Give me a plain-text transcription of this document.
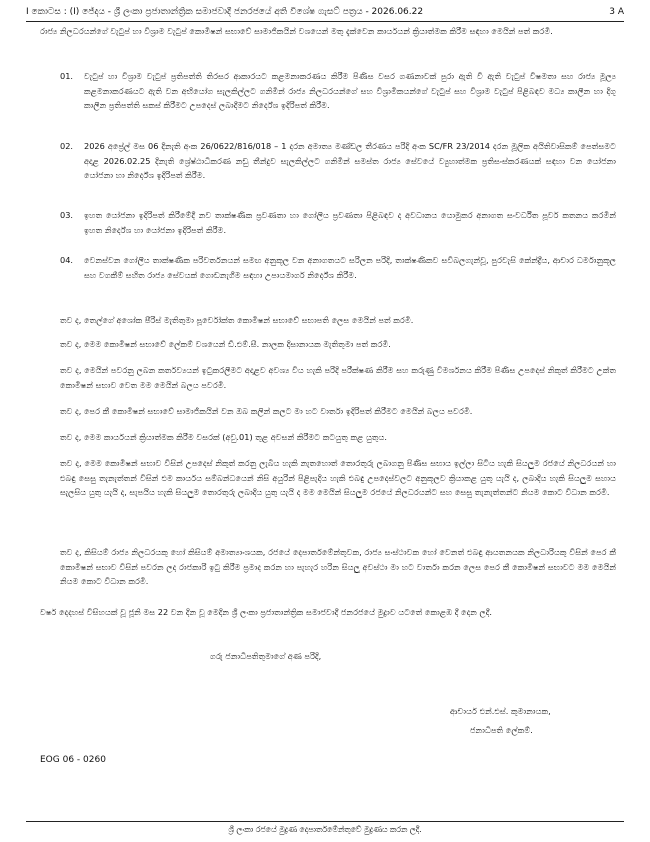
I කොටස : (I) ජේදය - ශ්‍රී ලංකා ප්‍රජාතාන්ත්‍රික සමාජවාදී ජනරජයේ අති විශේෂ ගැසට් පත්‍රය - 2026.06.22	3 A

රාජ්‍ය නිලධරයන්ගේ වැටුප් හා විශ්‍රාම වැටුප් කොමිෂන් සභාවේ සාමාජිකයින් වශයෙන් මතු දැක්වෙන කාර්යයන් ක්‍රියාත්මක කිරීම සඳහා මෙයින් පත් කරමි.

01.	වැටුප් හා විශ්‍රාම වැටුප් ප්‍රතිපත්ති තිරසර ආකාරයට කළමනාකරණය කිරීම පිණිස වසර ගණනාවක් පුරා ඇති වී ඇති වැටුප් විෂමතා සහ රාජ්‍ය මූල්‍ය කළමනාකරණයට ඇති වන අභියෝග සැලකිල්ලට ගනිමින් රාජ්‍ය නිලධරයන්ගේ සහ විශ්‍රාමිකයන්ගේ වැටුප් සහ විශ්‍රාම වැටුප් පිළිබඳව මධ්‍ය කාලීන හා දිගු කාලීන ප්‍රතිපත්ති සකස් කිරීමට උපදෙස් ලබාදීමට නිර්දේශ ඉදිරිපත් කිරීම.
02.	2026 අප්‍රේල් මස 06 දිනැති අංක 26/0622/816/018 – 1 දරන අමාත්‍ය මණ්ඩල තීරණය පරිදි අංක SC/FR 23/2014 දරන මූලික අයිතිවාසිකම් පෙත්සමට අදාළ 2026.02.25 දිනැති ශ්‍රේෂ්ඨාධිකරණ නඩු තීන්දුව සැලකිල්ලට ගනිමින් සමස්ත රාජ්‍ය සේවයේ ව්‍යුහාත්මක ප්‍රතිසංස්කරණයක් සඳහා වන යෝජනා යෝජනා හා නිර්දේශ ඉදිරිපත් කිරීම.
03.	ඉහත යෝජනා ඉදිරිපත් කිරීමේදී නව තාක්ෂණික ප්‍රවණතා හා ගෝලීය ප්‍රවණතා පිළිබඳව ද අවධානය යොමුකර අනාගත සංවර්ධිත පූර්ව කතනය කරමින් ඉහත නිර්දේශ හා යෝජනා ඉදිරිපත් කිරීම.
04.	වෙනස්වන ගෝලීය තාක්ෂණික පරිවර්තනයන් සමඟ අනුකූල වන අනාගතයට සරිලන පරිදි, තාක්ෂණිකව සවිබලගැන්වූ, පුරවැසි කේන්ද්‍රීය, ආචාර ධර්මානුකූල සහ වගකීම් සහිත රාජ්‍ය සේවයක් ගොඩනැගීම සඳහා උපායමාර්ග නිර්දේශ කිරීම.

තව ද, තෙල්ගේ අශෝක පීරිස් මැතිතුමා පූර්වෝක්ත කොමිෂන් සභාවේ සභාපති ලෙස මෙයින් පත් කරමි.

තව ද, මෙම කොමිෂන් සභාවේ ලේකම් වශයෙන් ඩී.එම්.සී. නාලක දිසානායක මැතිතුමා පත් කරමි.

තව ද, මෙයින් පවරනු ලබන කර්තව්‍යයන් ඉටුකරලීමට අදාළව අවශ්‍ය විය හැකි පරිදි පරීක්ෂණ කිරීම සහ කරුණු විමර්ශනය කිරීම පිණිස උපදෙස් නිකුත් කිරීමට උක්ත කොමිෂන් සභාව වෙත මම මෙයින් බලය පවරමි.

තව ද, පෙර කී කොමිෂන් සභාවේ සාමාජිකයින් වන ඔබ කලින් කලට මා හට වාර්තා ඉදිරිපත් කිරීමට මෙයින් බලය පවරමි.

තව ද, මෙම කාර්යයන් ක්‍රියාත්මක කිරීම වසරක් (අවු.01) තුළ අවසන් කිරීමට කටයුතු කළ යුතුය.

තව ද, මෙම කොමිෂන් සභාව විසින් උපදෙස් නිකුත් කරනු ලැබිය හැකි නැතහොත් තොරතුරු ලබාගනු පිණිස සභාය ඉල්ලා සිටිය හැකි සියලුම රජයේ නිලධරයන් හා එබඳු සෙසු තැනැත්තන් විසින් එම කාර්යය සම්බන්ධයෙන් නිසි අයුරින් පිළිපැදිය හැකි එබඳු උපදෙස්වලට අනුකූලව ක්‍රියාකළ යුතු යැයි ද, ලබාදිය හැකි සියලුම සහාය සැලසිය යුතු යැයි ද, සැපයිය හැකි සියලුම තොරතුරු ලබාදිය යුතු යැයි ද මම මෙයින් සියලුම රජයේ නිලධරයන්ට සහ සෙසු තැනැත්තන්ට නියම කොට විධාන කරමි.

තව ද, කිසියම් රාජ්‍ය නිලධරයකු හෝ කිසියම් අමාත්‍යාංශයක, රජයේ දෙපාර්තමේන්තුවක, රාජ්‍ය සංස්ථාවක හෝ වෙනත් එබඳු ආයතනයක නිලධාරියකු විසින් පෙර කී කොමිෂන් සභාව විසින් පවරන ලද රාජකාරි ඉටු කිරීම ප්‍රමාද කරන හා පැහැර හරින සියලු අවස්ථා මා හට වාර්තා කරන ලෙස පෙර කී කොමිෂන් සභාවට මම මෙයින් නියම කොට විධාන කරමි.

වර්ෂ දෙදහස් විසිහයක් වූ ජූනි මස 22 වන දින වූ මෙදින ශ්‍රී ලංකා ප්‍රජාතාන්ත්‍රික සමාජවාදී ජනරජයේ මුද්‍රාව යටතේ කොළඹ දී දෙන ලදී.

ගරු ජනාධිපතිතුමාගේ අණ පරිදි,
ආචාර්ය එන්.එස්. කුමානායක,
ජනාධිපති ලේකම්.
EOG 06 - 0260
ශ්‍රී ලංකා රජයේ මුද්‍රණ දෙපාර්තමේන්තුවේ මුද්‍රණය කරන ලදී.
